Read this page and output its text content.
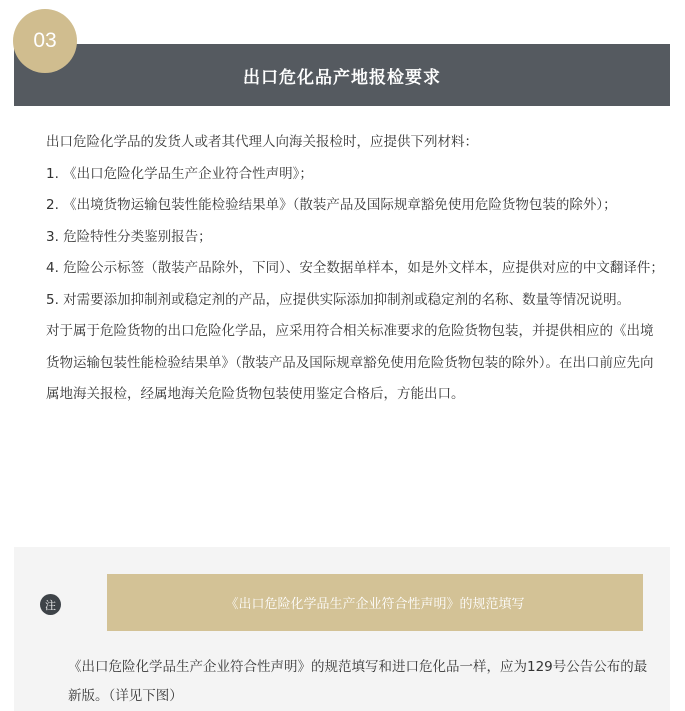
出口危化品产地报检要求
03

出口危险化学品的发货人或者其代理人向海关报检时，应提供下列材料：

1. 《出口危险化学品生产企业符合性声明》；

2. 《出境货物运输包装性能检验结果单》（散装产品及国际规章豁免使用危险货物包装的除外）；

3. 危险特性分类鉴别报告；

4. 危险公示标签（散装产品除外，下同）、安全数据单样本，如是外文样本，应提供对应的中文翻译件；

5. 对需要添加抑制剂或稳定剂的产品，应提供实际添加抑制剂或稳定剂的名称、数量等情况说明。

对于属于危险货物的出口危险化学品，应采用符合相关标准要求的危险货物包装，并提供相应的《出境货物运输包装性能检验结果单》（散装产品及国际规章豁免使用危险货物包装的除外）。在出口前应先向属地海关报检，经属地海关危险货物包装使用鉴定合格后，方能出口。

注	《出口危险化学品生产企业符合性声明》的规范填写
《出口危险化学品生产企业符合性声明》的规范填写和进口危化品一样，应为129号公告公布的最新版。（详见下图）
